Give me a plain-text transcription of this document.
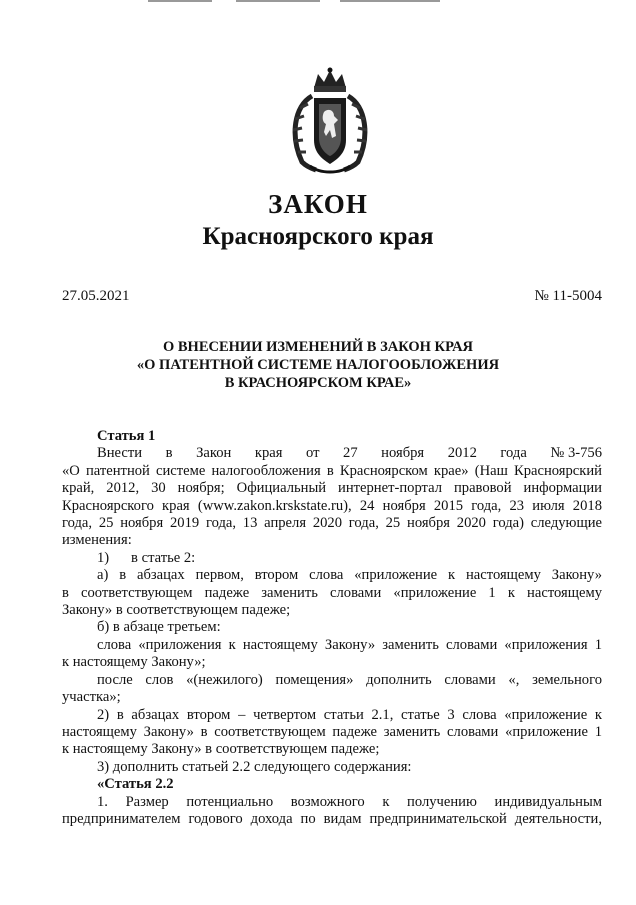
ЗАКОН
Красноярского края
27.05.2021	№ 11-5004
О ВНЕСЕНИИ ИЗМЕНЕНИЙ В ЗАКОН КРАЯ
«О ПАТЕНТНОЙ СИСТЕМЕ НАЛОГООБЛОЖЕНИЯ
В КРАСНОЯРСКОМ КРАЕ»
Статья 1
Внести в Закон края от 27 ноября 2012 года № 3-756
«О патентной системе налогообложения в Красноярском крае» (Наш Красноярский
край, 2012, 30 ноября; Официальный интернет-портал правовой информации
Красноярского края (www.zakon.krskstate.ru), 24 ноября 2015 года, 23 июля 2018
года, 25 ноября 2019 года, 13 апреля 2020 года, 25 ноября 2020 года) следующие
изменения:
1)      в статье 2:
а) в абзацах первом, втором слова «приложение к настоящему Закону»
в соответствующем падеже заменить словами «приложение 1 к настоящему
Закону» в соответствующем падеже;
б) в абзаце третьем:
слова «приложения к настоящему Закону» заменить словами «приложения 1
к настоящему Закону»;
после слов «(нежилого) помещения» дополнить словами «, земельного
участка»;
2) в абзацах втором – четвертом статьи 2.1, статье 3 слова «приложение к
настоящему Закону» в соответствующем падеже заменить словами «приложение 1
к настоящему Закону» в соответствующем падеже;
3) дополнить статьей 2.2 следующего содержания:
«Статья 2.2
1. Размер потенциально возможного к получению индивидуальным
предпринимателем годового дохода по видам предпринимательской деятельности,
